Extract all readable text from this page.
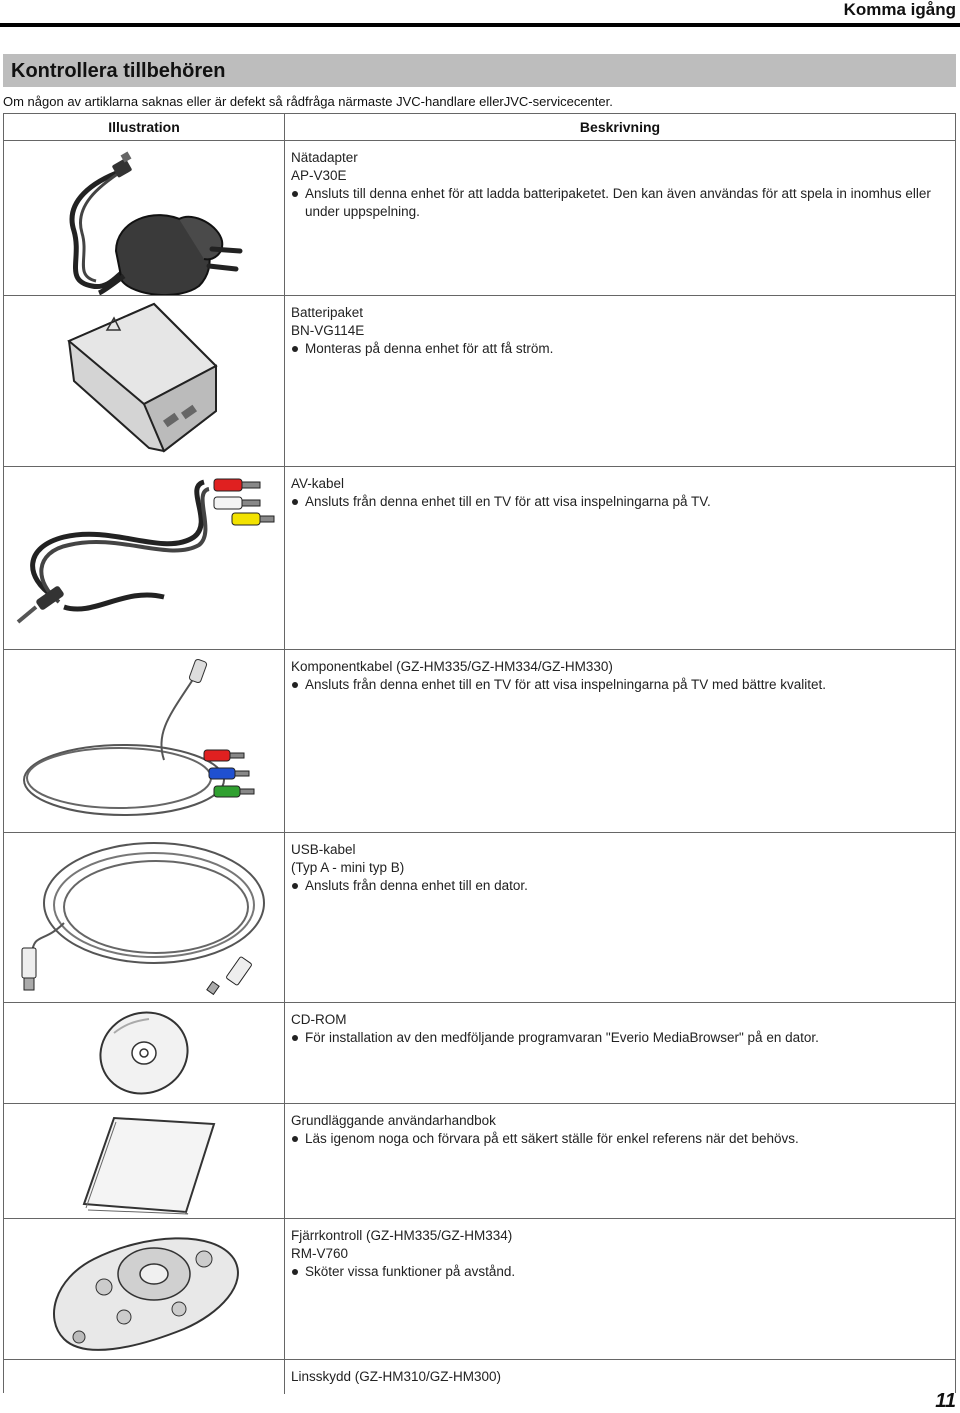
Komma igång
Kontrollera tillbehören
Om någon av artiklarna saknas eller är defekt så rådfråga närmaste JVC-handlare ellerJVC-servicecenter.
Illustration	Beskrivning
Nätadapter
AP-V30E
Ansluts till denna enhet för att ladda batteripaketet. Den kan även användas för att spela in inomhus eller under uppspelning.
Batteripaket
BN-VG114E
Monteras på denna enhet för att få ström.
AV-kabel
Ansluts från denna enhet till en TV för att visa inspelningarna på TV.
Komponentkabel (GZ-HM335/GZ-HM334/GZ-HM330)
Ansluts från denna enhet till en TV för att visa inspelningarna på TV med bättre kvalitet.
USB-kabel
(Typ A - mini typ B)
Ansluts från denna enhet till en dator.
CD-ROM
För installation av den medföljande programvaran "Everio MediaBrowser" på en dator.
Grundläggande användarhandbok
Läs igenom noga och förvara på ett säkert ställe för enkel referens när det behövs.
Fjärrkontroll (GZ-HM335/GZ-HM334)
RM-V760
Sköter vissa funktioner på avstånd.
Linsskydd (GZ-HM310/GZ-HM300)
11
